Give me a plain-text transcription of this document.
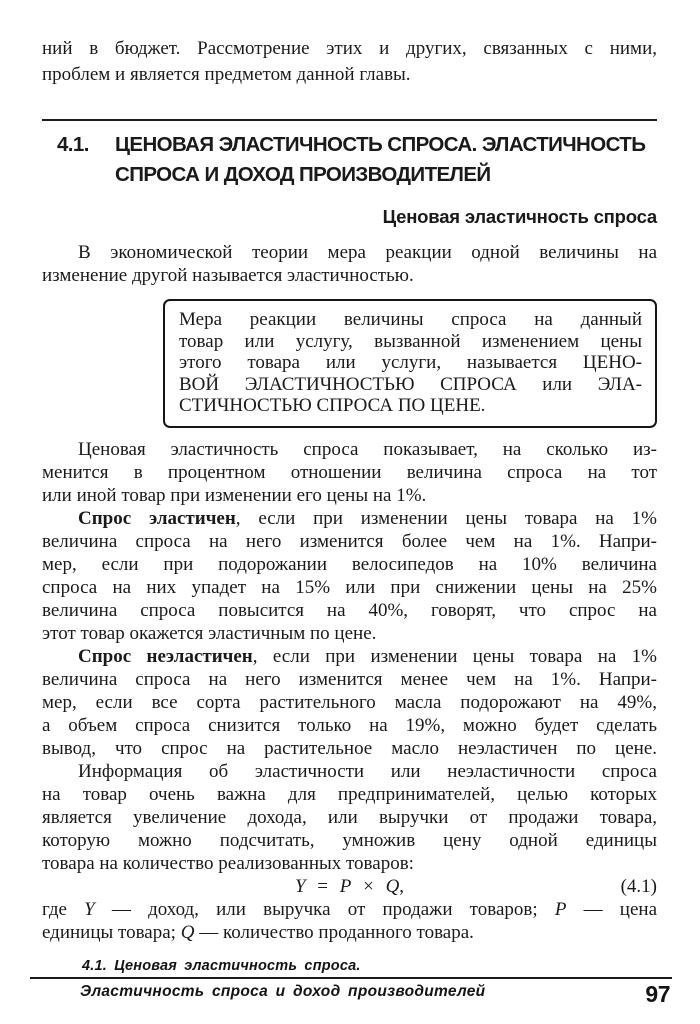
ний в бюджет. Рассмотрение этих и других, связанных с ними,
проблем и является предметом данной главы.
4.1.	ЦЕНОВАЯ ЭЛАСТИЧНОСТЬ СПРОСА. ЭЛАСТИЧНОСТЬ
СПРОСА И ДОХОД ПРОИЗВОДИТЕЛЕЙ
Ценовая эластичность спроса
В экономической теории мера реакции одной величины на
изменение другой называется эластичностью.
Мера реакции величины спроса на данный
товар или услугу, вызванной изменением цены
этого товара или услуги, называется ЦЕНО-
ВОЙ ЭЛАСТИЧНОСТЬЮ СПРОСА или ЭЛА-
СТИЧНОСТЬЮ СПРОСА ПО ЦЕНЕ.
Ценовая эластичность спроса показывает, на сколько из-
менится в процентном отношении величина спроса на тот
или иной товар при изменении его цены на 1%.
Спрос эластичен, если при изменении цены товара на 1%
величина спроса на него изменится более чем на 1%. Напри-
мер, если при подорожании велосипедов на 10% величина
спроса на них упадет на 15% или при снижении цены на 25%
величина спроса повысится на 40%, говорят, что спрос на
этот товар окажется эластичным по цене.
Спрос неэластичен, если при изменении цены товара на 1%
величина спроса на него изменится менее чем на 1%. Напри-
мер, если все сорта растительного масла подорожают на 49%,
а объем спроса снизится только на 19%, можно будет сделать
вывод, что спрос на растительное масло неэластичен по цене.
Информация об эластичности или неэластичности спроса
на товар очень важна для предпринимателей, целью которых
является увеличение дохода, или выручки от продажи товара,
которую можно подсчитать, умножив цену одной единицы
товара на количество реализованных товаров:
Y = P × Q,	(4.1)
где Y — доход, или выручка от продажи товаров; P — цена
единицы товара; Q — количество проданного товара.
4.1. Ценовая эластичность спроса.
Эластичность спроса и доход производителей	97
